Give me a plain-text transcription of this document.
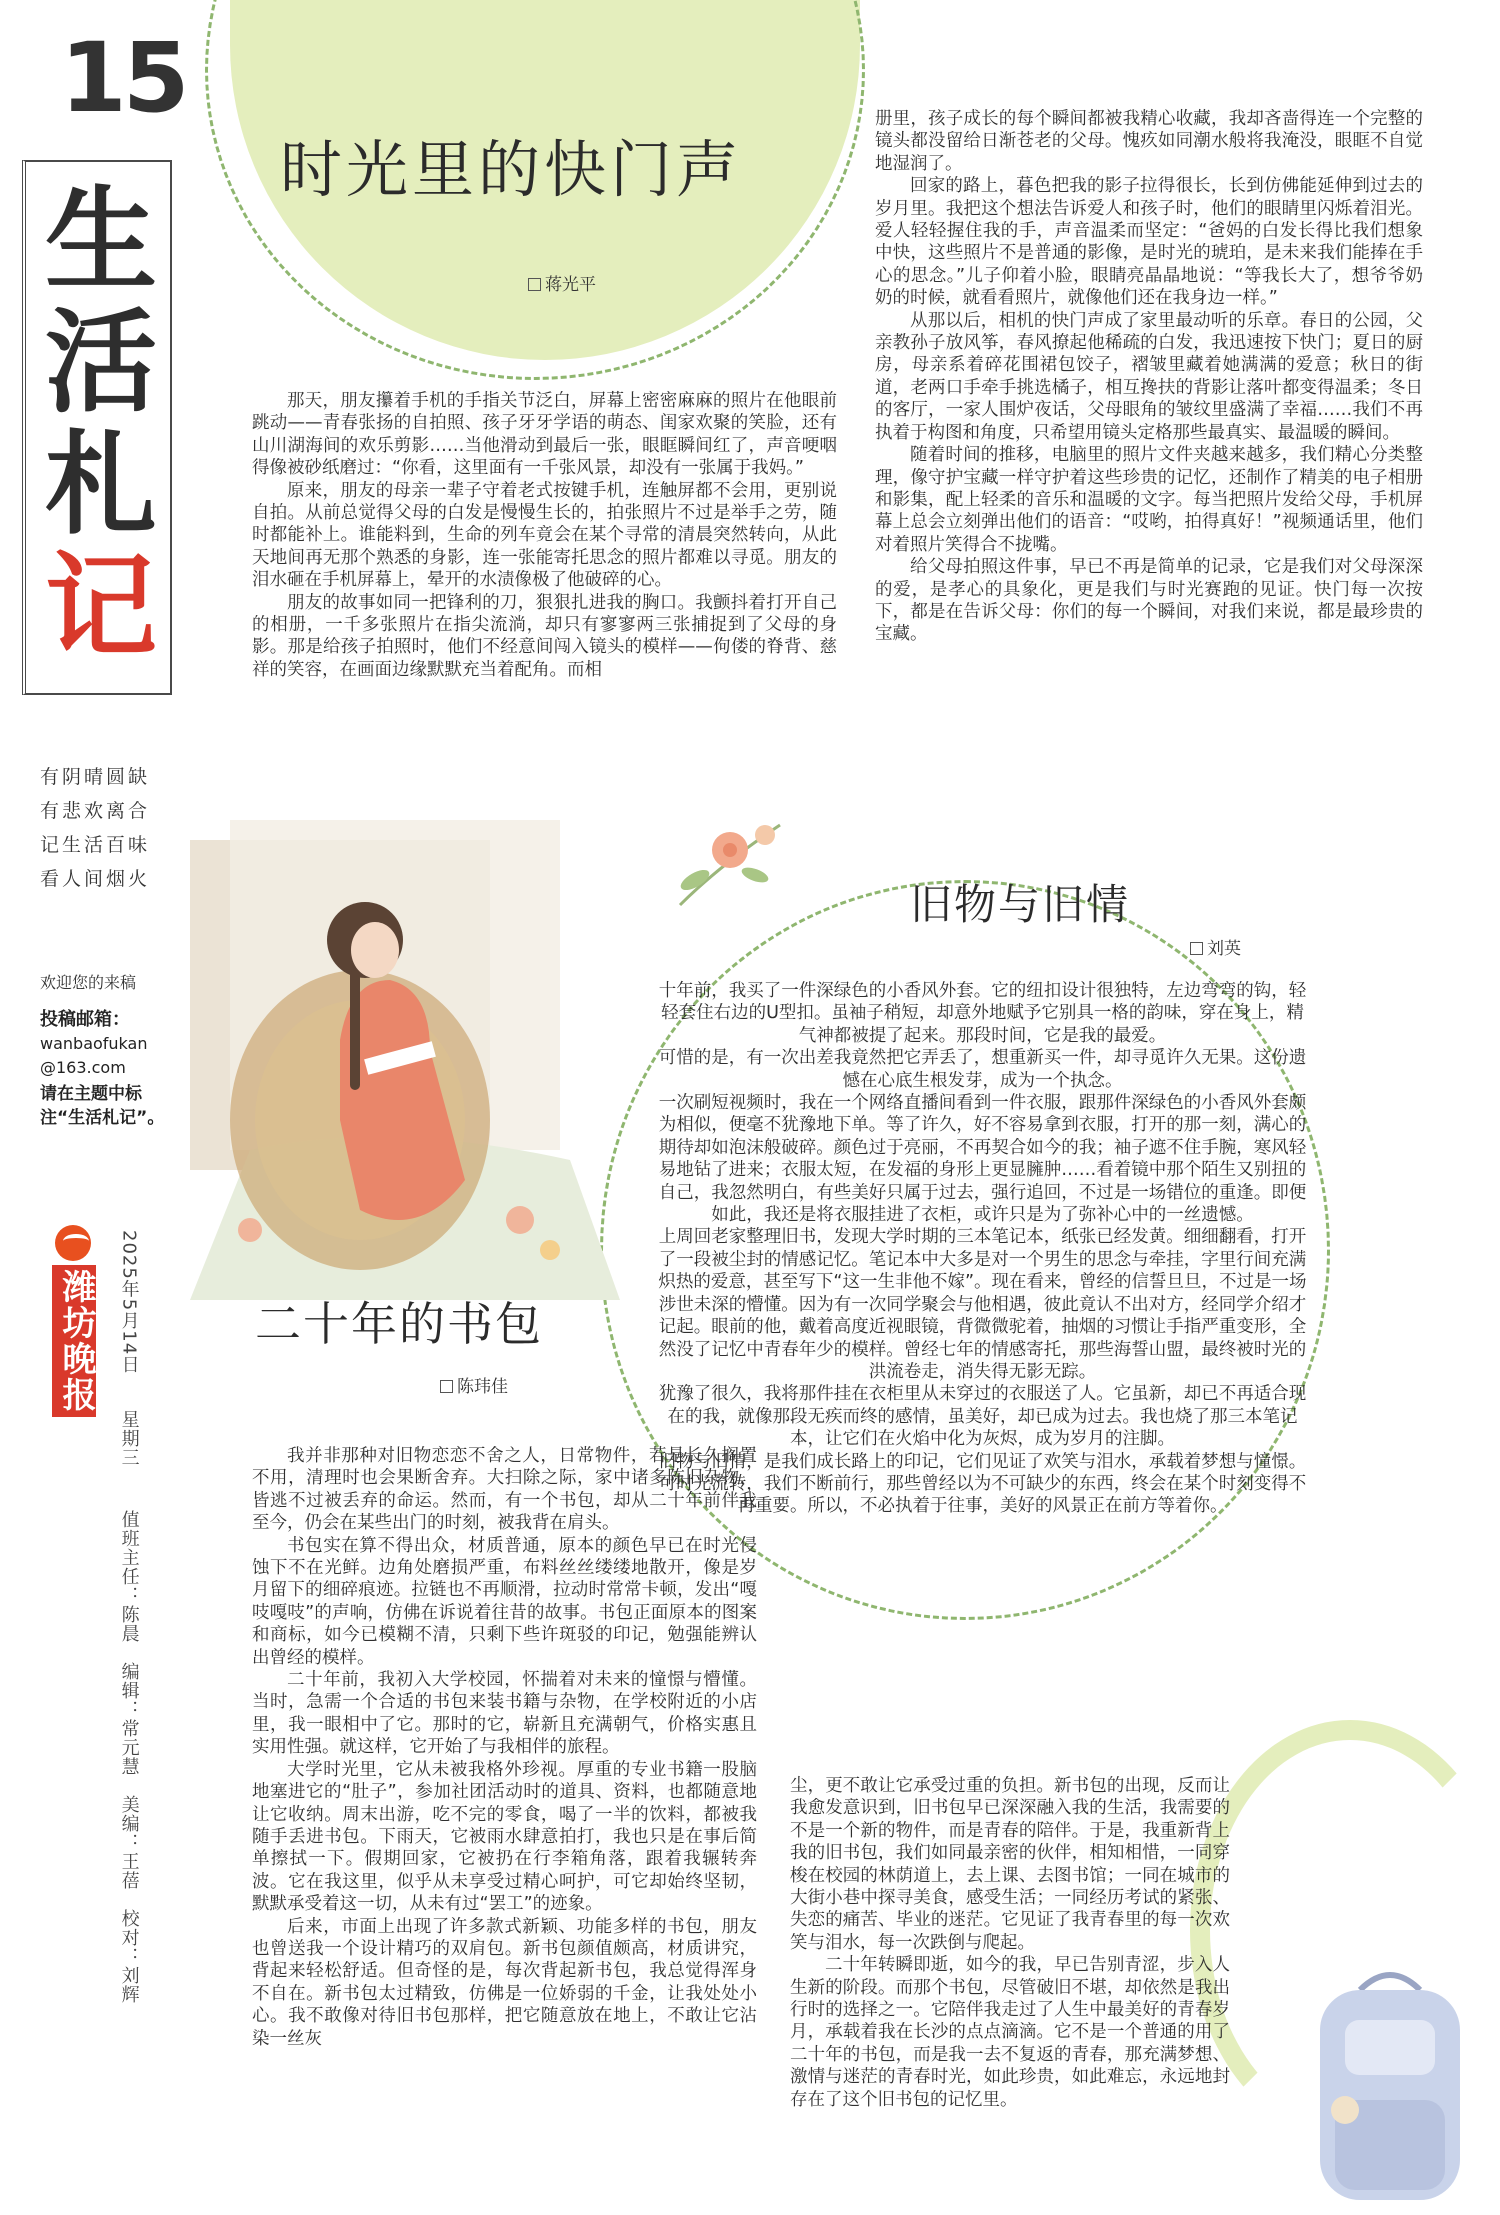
15
生活
札
记
有阴晴圆缺
有悲欢离合
记生活百味
看人间烟火
欢迎您的来稿
投稿邮箱：
wanbaofukan
@163.com
请在主题中标注“生活札记”。
潍坊晚报 2025年5月14日
星期三
值班主任：陈晨　编辑：常元慧　美编：王蓓　校对：刘辉
时光里的快门声
蒋光平

那天，朋友攥着手机的手指关节泛白，屏幕上密密麻麻的照片在他眼前跳动——青春张扬的自拍照、孩子牙牙学语的萌态、闺家欢聚的笑脸，还有山川湖海间的欢乐剪影……当他滑动到最后一张，眼眶瞬间红了，声音哽咽得像被砂纸磨过：“你看，这里面有一千张风景，却没有一张属于我妈。”

原来，朋友的母亲一辈子守着老式按键手机，连触屏都不会用，更别说自拍。从前总觉得父母的白发是慢慢生长的，拍张照片不过是举手之劳，随时都能补上。谁能料到，生命的列车竟会在某个寻常的清晨突然转向，从此天地间再无那个熟悉的身影，连一张能寄托思念的照片都难以寻觅。朋友的泪水砸在手机屏幕上，晕开的水渍像极了他破碎的心。

朋友的故事如同一把锋利的刀，狠狠扎进我的胸口。我颤抖着打开自己的相册，一千多张照片在指尖流淌，却只有寥寥两三张捕捉到了父母的身影。那是给孩子拍照时，他们不经意间闯入镜头的模样——佝偻的脊背、慈祥的笑容，在画面边缘默默充当着配角。而相

册里，孩子成长的每个瞬间都被我精心收藏，我却吝啬得连一个完整的镜头都没留给日渐苍老的父母。愧疚如同潮水般将我淹没，眼眶不自觉地湿润了。

回家的路上，暮色把我的影子拉得很长，长到仿佛能延伸到过去的岁月里。我把这个想法告诉爱人和孩子时，他们的眼睛里闪烁着泪光。爱人轻轻握住我的手，声音温柔而坚定：“爸妈的白发长得比我们想象中快，这些照片不是普通的影像，是时光的琥珀，是未来我们能捧在手心的思念。”儿子仰着小脸，眼睛亮晶晶地说：“等我长大了，想爷爷奶奶的时候，就看看照片，就像他们还在我身边一样。”

从那以后，相机的快门声成了家里最动听的乐章。春日的公园，父亲教孙子放风筝，春风撩起他稀疏的白发，我迅速按下快门；夏日的厨房，母亲系着碎花围裙包饺子，褶皱里藏着她满满的爱意；秋日的街道，老两口手牵手挑选橘子，相互搀扶的背影让落叶都变得温柔；冬日的客厅，一家人围炉夜话，父母眼角的皱纹里盛满了幸福……我们不再执着于构图和角度，只希望用镜头定格那些最真实、最温暖的瞬间。

随着时间的推移，电脑里的照片文件夹越来越多，我们精心分类整理，像守护宝藏一样守护着这些珍贵的记忆，还制作了精美的电子相册和影集，配上轻柔的音乐和温暖的文字。每当把照片发给父母，手机屏幕上总会立刻弹出他们的语音：“哎哟，拍得真好！”视频通话里，他们对着照片笑得合不拢嘴。

给父母拍照这件事，早已不再是简单的记录，它是我们对父母深深的爱，是孝心的具象化，更是我们与时光赛跑的见证。快门每一次按下，都是在告诉父母：你们的每一个瞬间，对我们来说，都是最珍贵的宝藏。

旧物与旧情
刘英

十年前，我买了一件深绿色的小香风外套。它的纽扣设计很独特，左边弯弯的钩，轻轻套住右边的U型扣。虽袖子稍短，却意外地赋予它别具一格的韵味，穿在身上，精气神都被提了起来。那段时间，它是我的最爱。

可惜的是，有一次出差我竟然把它弄丢了，想重新买一件，却寻觅许久无果。这份遗憾在心底生根发芽，成为一个执念。

一次刷短视频时，我在一个网络直播间看到一件衣服，跟那件深绿色的小香风外套颇为相似，便毫不犹豫地下单。等了许久，好不容易拿到衣服，打开的那一刻，满心的期待却如泡沫般破碎。颜色过于亮丽，不再契合如今的我；袖子遮不住手腕，寒风轻易地钻了进来；衣服太短，在发福的身形上更显臃肿……看着镜中那个陌生又别扭的自己，我忽然明白，有些美好只属于过去，强行追回，不过是一场错位的重逢。即便如此，我还是将衣服挂进了衣柜，或许只是为了弥补心中的一丝遗憾。

上周回老家整理旧书，发现大学时期的三本笔记本，纸张已经发黄。细细翻看，打开了一段被尘封的情感记忆。笔记本中大多是对一个男生的思念与牵挂，字里行间充满炽热的爱意，甚至写下“这一生非他不嫁”。现在看来，曾经的信誓旦旦，不过是一场涉世未深的懵懂。因为有一次同学聚会与他相遇，彼此竟认不出对方，经同学介绍才记起。眼前的他，戴着高度近视眼镜，背微微驼着，抽烟的习惯让手指严重变形，全然没了记忆中青春年少的模样。曾经七年的情感寄托，那些海誓山盟，最终被时光的洪流卷走，消失得无影无踪。

犹豫了很久，我将那件挂在衣柜里从未穿过的衣服送了人。它虽新，却已不再适合现在的我，就像那段无疾而终的感情，虽美好，却已成为过去。我也烧了那三本笔记本，让它们在火焰中化为灰烬，成为岁月的注脚。

旧物与旧情，是我们成长路上的印记，它们见证了欢笑与泪水，承载着梦想与憧憬。可时光流转，我们不断前行，那些曾经以为不可缺少的东西，终会在某个时刻变得不再重要。所以，不必执着于往事，美好的风景正在前方等着你。

二十年的书包
陈玮佳

我并非那种对旧物恋恋不舍之人，日常物件，若是长久搁置不用，清理时也会果断舍弃。大扫除之际，家中诸多陈旧杂物，皆逃不过被丢弃的命运。然而，有一个书包，却从二十年前伴我至今，仍会在某些出门的时刻，被我背在肩头。

书包实在算不得出众，材质普通，原本的颜色早已在时光侵蚀下不在光鲜。边角处磨损严重，布料丝丝缕缕地散开，像是岁月留下的细碎痕迹。拉链也不再顺滑，拉动时常常卡顿，发出“嘎吱嘎吱”的声响，仿佛在诉说着往昔的故事。书包正面原本的图案和商标，如今已模糊不清，只剩下些许斑驳的印记，勉强能辨认出曾经的模样。

二十年前，我初入大学校园，怀揣着对未来的憧憬与懵懂。当时，急需一个合适的书包来装书籍与杂物，在学校附近的小店里，我一眼相中了它。那时的它，崭新且充满朝气，价格实惠且实用性强。就这样，它开始了与我相伴的旅程。

大学时光里，它从未被我格外珍视。厚重的专业书籍一股脑地塞进它的“肚子”，参加社团活动时的道具、资料，也都随意地让它收纳。周末出游，吃不完的零食，喝了一半的饮料，都被我随手丢进书包。下雨天，它被雨水肆意拍打，我也只是在事后简单擦拭一下。假期回家，它被扔在行李箱角落，跟着我辗转奔波。它在我这里，似乎从未享受过精心呵护，可它却始终坚韧，默默承受着这一切，从未有过“罢工”的迹象。

后来，市面上出现了许多款式新颖、功能多样的书包，朋友也曾送我一个设计精巧的双肩包。新书包颜值颇高，材质讲究，背起来轻松舒适。但奇怪的是，每次背起新书包，我总觉得浑身不自在。新书包太过精致，仿佛是一位娇弱的千金，让我处处小心。我不敢像对待旧书包那样，把它随意放在地上，不敢让它沾染一丝灰

尘，更不敢让它承受过重的负担。新书包的出现，反而让我愈发意识到，旧书包早已深深融入我的生活，我需要的不是一个新的物件，而是青春的陪伴。于是，我重新背上我的旧书包，我们如同最亲密的伙伴，相知相惜，一同穿梭在校园的林荫道上，去上课、去图书馆；一同在城市的大街小巷中探寻美食，感受生活；一同经历考试的紧张、失恋的痛苦、毕业的迷茫。它见证了我青春里的每一次欢笑与泪水，每一次跌倒与爬起。

二十年转瞬即逝，如今的我，早已告别青涩，步入人生新的阶段。而那个书包，尽管破旧不堪，却依然是我出行时的选择之一。它陪伴我走过了人生中最美好的青春岁月，承载着我在长沙的点点滴滴。它不是一个普通的用了二十年的书包，而是我一去不复返的青春，那充满梦想、激情与迷茫的青春时光，如此珍贵，如此难忘，永远地封存在了这个旧书包的记忆里。
